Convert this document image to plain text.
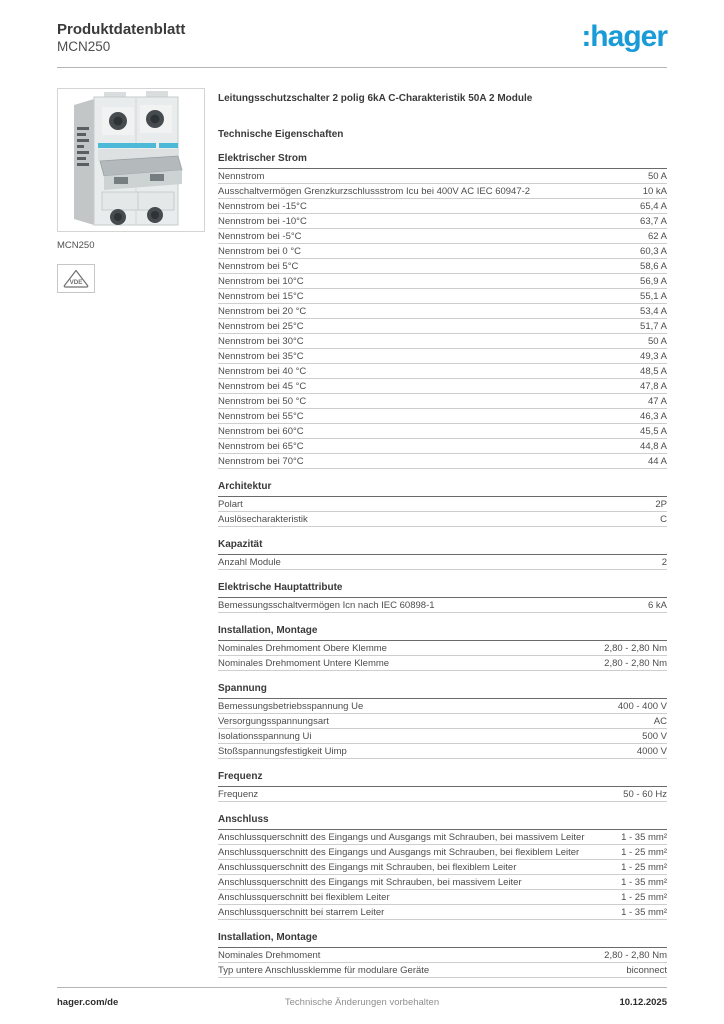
Produktdatenblatt
MCN250	:hager
MCN250
VDE
Leitungsschutzschalter 2 polig 6kA C-Charakteristik 50A 2 Module
Technische Eigenschaften
Elektrischer Strom
Nennstrom	50 A
Ausschaltvermögen Grenzkurzschlussstrom Icu bei 400V AC IEC 60947-2	10 kA
Nennstrom bei -15°C	65,4 A
Nennstrom bei -10°C	63,7 A
Nennstrom bei -5°C	62 A
Nennstrom bei 0 °C	60,3 A
Nennstrom bei 5°C	58,6 A
Nennstrom bei 10°C	56,9 A
Nennstrom bei 15°C	55,1 A
Nennstrom bei 20 °C	53,4 A
Nennstrom bei 25°C	51,7 A
Nennstrom bei 30°C	50 A
Nennstrom bei 35°C	49,3 A
Nennstrom bei 40 °C	48,5 A
Nennstrom bei 45 °C	47,8 A
Nennstrom bei 50 °C	47 A
Nennstrom bei 55°C	46,3 A
Nennstrom bei 60°C	45,5 A
Nennstrom bei 65°C	44,8 A
Nennstrom bei 70°C	44 A
Architektur
Polart	2P
Auslösecharakteristik	C
Kapazität
Anzahl Module	2
Elektrische Hauptattribute
Bemessungsschaltvermögen Icn nach IEC 60898-1	6 kA
Installation, Montage
Nominales Drehmoment Obere Klemme	2,80 - 2,80 Nm
Nominales Drehmoment Untere Klemme	2,80 - 2,80 Nm
Spannung
Bemessungsbetriebsspannung Ue	400 - 400 V
Versorgungsspannungsart	AC
Isolationsspannung Ui	500 V
Stoßspannungsfestigkeit Uimp	4000 V
Frequenz
Frequenz	50 - 60 Hz
Anschluss
Anschlussquerschnitt des Eingangs und Ausgangs mit Schrauben, bei massivem Leiter	1 - 35 mm²
Anschlussquerschnitt des Eingangs und Ausgangs mit Schrauben, bei flexiblem Leiter	1 - 25 mm²
Anschlussquerschnitt des Eingangs mit Schrauben, bei flexiblem Leiter	1 - 25 mm²
Anschlussquerschnitt des Eingangs mit Schrauben, bei massivem Leiter	1 - 35 mm²
Anschlussquerschnitt bei flexiblem Leiter	1 - 25 mm²
Anschlussquerschnitt bei starrem Leiter	1 - 35 mm²
Installation, Montage
Nominales Drehmoment	2,80 - 2,80 Nm
Typ untere Anschlussklemme für modulare Geräte	biconnect
hager.com/de	Technische Änderungen vorbehalten	10.12.2025
